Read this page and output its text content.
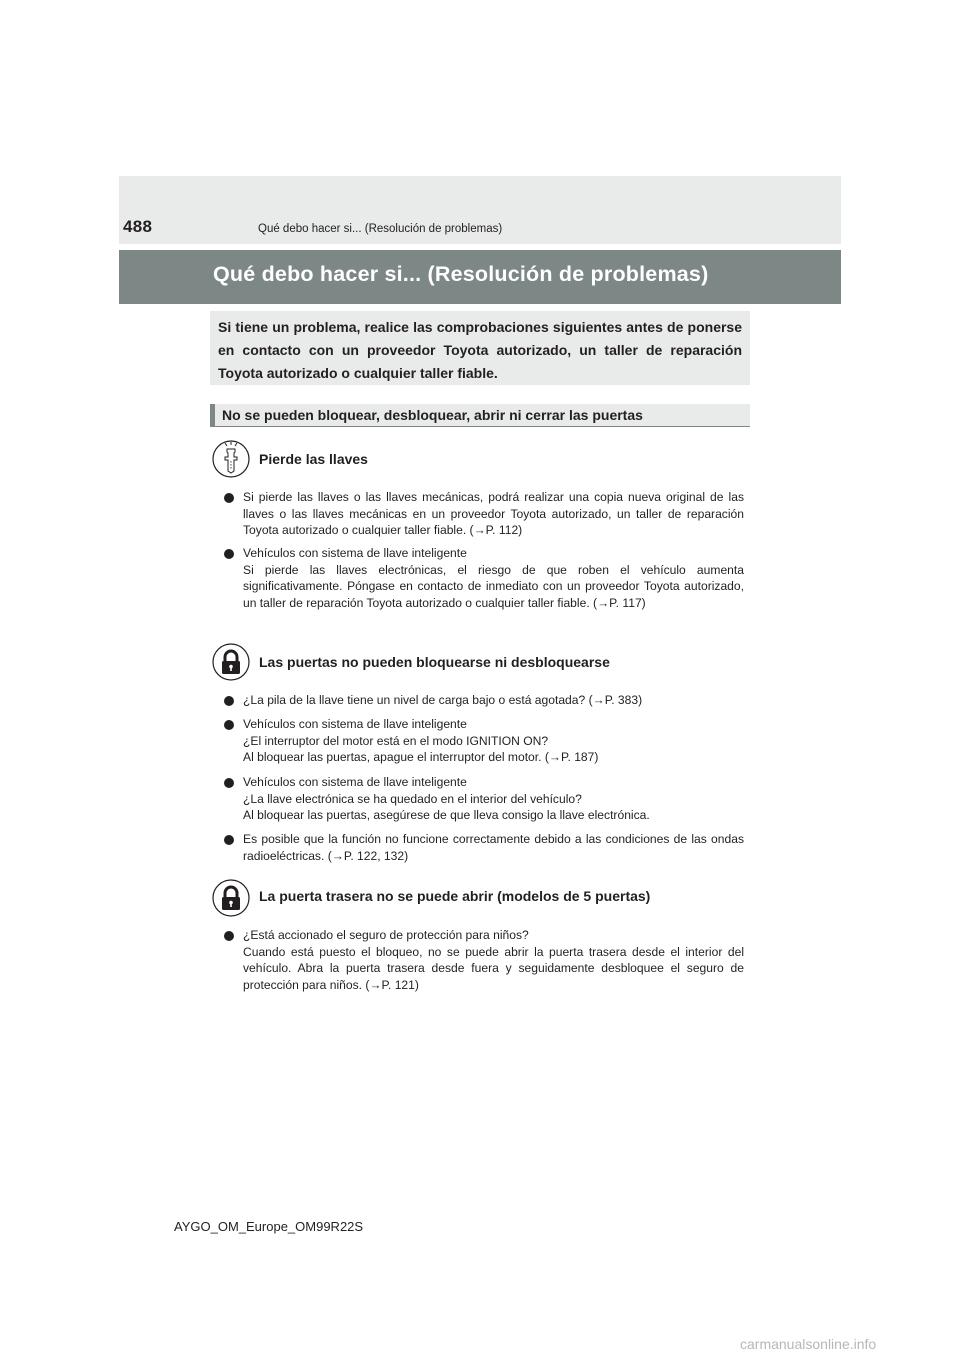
488	Qué debo hacer si... (Resolución de problemas)
Qué debo hacer si... (Resolución de problemas)
Si tiene un problema, realice las comprobaciones siguientes antes de ponerse en contacto con un proveedor Toyota autorizado, un taller de reparación Toyota autorizado o cualquier taller fiable.
No se pueden bloquear, desbloquear, abrir ni cerrar las puertas
Pierde las llaves

Si pierde las llaves o las llaves mecánicas, podrá realizar una copia nueva original de las llaves o las llaves mecánicas en un proveedor Toyota autorizado, un taller de reparación Toyota autorizado o cualquier taller fiable. (→P. 112)

Vehículos con sistema de llave inteligente

Si pierde las llaves electrónicas, el riesgo de que roben el vehículo aumenta significativamente. Póngase en contacto de inmediato con un proveedor Toyota autorizado, un taller de reparación Toyota autorizado o cualquier taller fiable. (→P. 117)

Las puertas no pueden bloquearse ni desbloquearse

¿La pila de la llave tiene un nivel de carga bajo o está agotada? (→P. 383)

Vehículos con sistema de llave inteligente

¿El interruptor del motor está en el modo IGNITION ON?

Al bloquear las puertas, apague el interruptor del motor. (→P. 187)

Vehículos con sistema de llave inteligente

¿La llave electrónica se ha quedado en el interior del vehículo?

Al bloquear las puertas, asegúrese de que lleva consigo la llave electrónica.

Es posible que la función no funcione correctamente debido a las condiciones de las ondas radioeléctricas. (→P. 122, 132)

La puerta trasera no se puede abrir (modelos de 5 puertas)

¿Está accionado el seguro de protección para niños?

Cuando está puesto el bloqueo, no se puede abrir la puerta trasera desde el interior del vehículo. Abra la puerta trasera desde fuera y seguidamente desbloquee el seguro de protección para niños. (→P. 121)

AYGO_OM_Europe_OM99R22S
carmanualsonline.info
